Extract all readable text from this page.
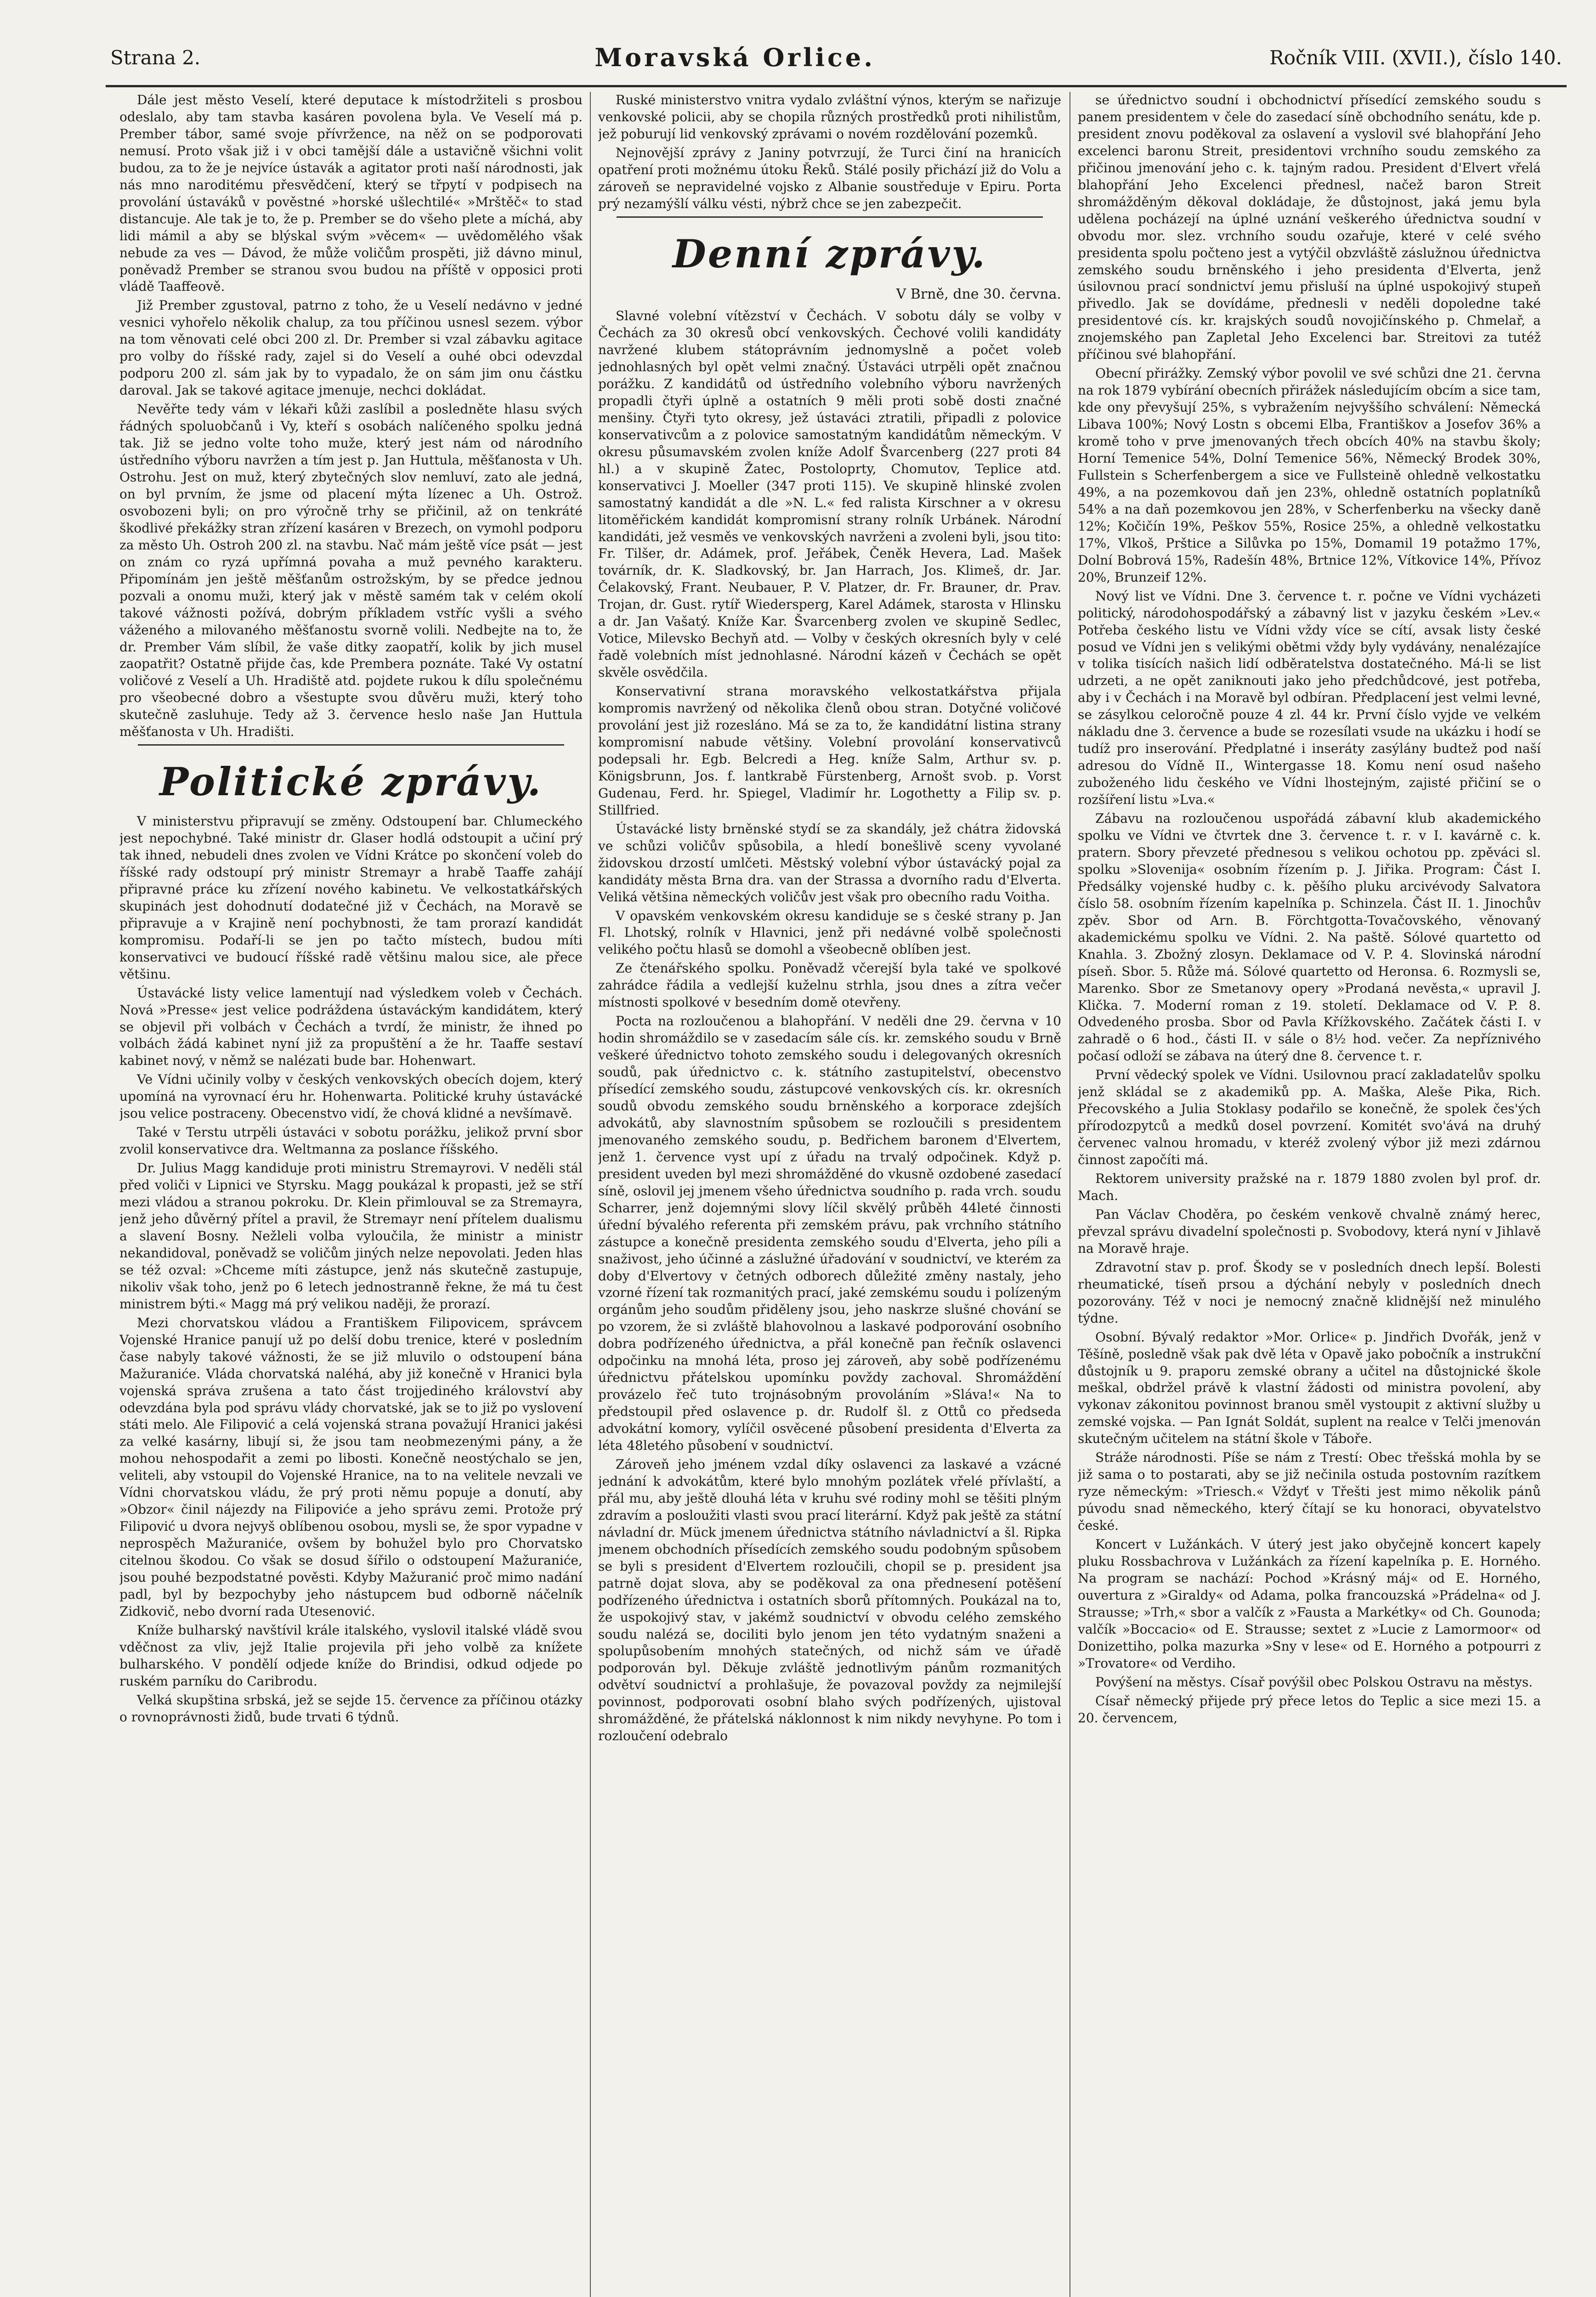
Strana 2.	Moravská Orlice.	Ročník VIII. (XVII.), číslo 140.

Dále jest město Veselí, které deputace k místodržiteli s prosbou odeslalo, aby tam stavba kasáren povolena byla. Ve Veselí má p. Prember tábor, samé svoje přívržence, na něž on se podporovati nemusí. Proto však již i v obci tamější dále a ustavičně všichni volit budou, za to že je nejvíce ústavák a agitator proti naší národnosti, jak nás mno naroditému přesvědčení, který se třpytí v podpisech na provolání ústaváků v pověstné »horské ušlechtilé« »Mrštěč« to stad distancuje. Ale tak je to, že p. Prember se do všeho plete a míchá, aby lidi mámil a aby se blýskal svým »věcem« — uvědomělého však nebude za ves — Dávod, že může voličům prospěti, již dávno minul, poněvadž Prember se stranou svou budou na příště v opposici proti vládě Taaffeově.

Již Prember zgustoval, patrno z toho, že u Veselí nedávno v jedné vesnici vyhořelo několik chalup, za tou příčinou usnesl sezem. výbor na tom věnovati celé obci 200 zl. Dr. Prember si vzal zábavku agitace pro volby do říšské rady, zajel si do Veselí a ouhé obci odevzdal podporu 200 zl. sám jak by to vypadalo, že on sám jim onu částku daroval. Jak se takové agitace jmenuje, nechci dokládat.

Nevěřte tedy vám v lékaři kůži zaslíbil a posledněte hlasu svých řádných spoluobčanů i Vy, kteří s osobách nalíčeného spolku jedná tak. Již se jedno volte toho muže, který jest nám od národního ústředního výboru navržen a tím jest p. Jan Huttula, měšťanosta v Uh. Ostrohu. Jest on muž, který zbytečných slov nemluví, zato ale jedná, on byl prvním, že jsme od placení mýta lízenec a Uh. Ostrož. osvobozeni byli; on pro výročně trhy se přičinil, až on tenkráté škodlivé překážky stran zřízení kasáren v Brezech, on vymohl podporu za město Uh. Ostroh 200 zl. na stavbu. Nač mám ještě více psát — jest on znám co ryzá upřímná povaha a muž pevného karakteru. Připomínám jen ještě měšťanům ostrožským, by se předce jednou pozvali a onomu muži, který jak v městě samém tak v celém okolí takové vážnosti požívá, dobrým příkladem vstříc vyšli a svého váženého a milovaného měšťanostu svorně volili. Nedbejte na to, že dr. Prember Vám slíbil, že vaše ditky zaopatří, kolik by jich musel zaopatřit? Ostatně přijde čas, kde Prembera poznáte. Také Vy ostatní voličové z Veselí a Uh. Hradiště atd. pojdete rukou k dílu společnému pro všeobecné dobro a všestupte svou důvěru muži, který toho skutečně zasluhuje. Tedy až 3. července heslo naše Jan Huttula měšťanosta v Uh. Hradišti.

Politické zprávy.

V ministerstvu připravují se změny. Odstoupení bar. Chlumeckého jest nepochybné. Také ministr dr. Glaser hodlá odstoupit a učiní prý tak ihned, nebudeli dnes zvolen ve Vídni Krátce po skončení voleb do říšské rady odstoupí prý ministr Stremayr a hrabě Taaffe zahájí připravné práce ku zřízení nového kabinetu. Ve velkostatkářských skupinách jest dohodnutí dodatečné již v Čechách, na Moravě se připravuje a v Krajině není pochybnosti, že tam prorazí kandidát kompromisu. Podaří-li se jen po tačto místech, budou míti konservativci ve budoucí říšské radě většinu malou sice, ale přece většinu.

Ústavácké listy velice lamentují nad výsledkem voleb v Čechách. Nová »Presse« jest velice podráždena ústaváckým kandidátem, který se objevil při volbách v Čechách a tvrdí, že ministr, že ihned po volbách žádá kabinet nyní již za propuštění a že hr. Taaffe sestaví kabinet nový, v němž se nalézati bude bar. Hohenwart.

Ve Vídni učinily volby v českých venkovských obecích dojem, který upomíná na vyrovnací éru hr. Hohenwarta. Politické kruhy ústavácké jsou velice postraceny. Obecenstvo vidí, že chová klidné a nevšímavě.

Také v Terstu utrpěli ústaváci v sobotu porážku, jelikož první sbor zvolil konservativce dra. Weltmanna za poslance říšského.

Dr. Julius Magg kandiduje proti ministru Stremayrovi. V neděli stál před voliči v Lipnici ve Styrsku. Magg poukázal k propasti, jež se stří mezi vládou a stranou pokroku. Dr. Klein přimlouval se za Stremayra, jenž jeho důvěrný přítel a pravil, že Stremayr není přítelem dualismu a slavení Bosny. Nežleli volba vyloučila, že ministr a ministr nekandidoval, poněvadž se voličům jiných nelze nepovolati. Jeden hlas se též ozval: »Chceme míti zástupce, jenž nás skutečně zastupuje, nikoliv však toho, jenž po 6 letech jednostranně řekne, že má tu čest ministrem býti.« Magg má prý velikou naději, že prorazí.

Mezi chorvatskou vládou a Františkem Filipovicem, správcem Vojenské Hranice panují už po delší dobu trenice, které v posledním čase nabyly takové vážnosti, že se již mluvilo o odstoupení bána Mažuraniće. Vláda chorvatská naléhá, aby již konečně v Hranici byla vojenská správa zrušena a tato část trojjediného království aby odevzdána byla pod správu vlády chorvatské, jak se to již po vyslovení státi melo. Ale Filipović a celá vojenská strana považují Hranici jakési za velké kasárny, libují si, že jsou tam neobmezenými pány, a že mohou nehospodařit a zemi po libosti. Konečně neostýchalo se jen, veliteli, aby vstoupil do Vojenské Hranice, na to na velitele nevzali ve Vídni chorvatskou vládu, že prý proti němu popuje a donutí, aby »Obzor« činil nájezdy na Filipoviće a jeho správu zemi. Protože prý Filipović u dvora nejvyš oblíbenou osobou, mysli se, že spor vypadne v neprospěch Mažuraniće, ovšem by bohužel bylo pro Chorvatsko citelnou škodou. Co však se dosud šířilo o odstoupení Mažuraniće, jsou pouhé bezpodstatné pověsti. Kdyby Mažuranić proč mimo nadání padl, byl by bezpochyby jeho nástupcem bud odborně náčelník Zidkovič, nebo dvorní rada Utesenović.

Kníže bulharský navštívil krále italského, vyslovil italské vládě svou vděčnost za vliv, jejž Italie projevila při jeho volbě za knížete bulharského. V pondělí odjede kníže do Brindisi, odkud odjede po ruském parníku do Caribrodu.

Velká skupština srbská, jež se sejde 15. července za příčinou otázky o rovnoprávnosti židů, bude trvati 6 týdnů.

Ruské ministerstvo vnitra vydalo zvláštní výnos, kterým se nařizuje venkovské policii, aby se chopila různých prostředků proti nihilistům, jež poburují lid venkovský zprávami o novém rozdělování pozemků.

Nejnovější zprávy z Janiny potvrzují, že Turci činí na hranicích opatření proti možnému útoku Řeků. Stálé posily přichází již do Volu a zároveň se nepravidelné vojsko z Albanie soustředuje v Epiru. Porta prý nezamýšlí válku vésti, nýbrž chce se jen zabezpečit.

Denní zprávy.
V Brně, dne 30. června.

Slavné volební vítězství v Čechách. V sobotu dály se volby v Čechách za 30 okresů obcí venkovských. Čechové volili kandidáty navržené klubem státoprávním jednomyslně a počet voleb jednohlasných byl opět velmi značný. Ústaváci utrpěli opět značnou porážku. Z kandidátů od ústředního volebního výboru navržených propadli čtyři úplně a ostatních 9 měli proti sobě dosti značné menšiny. Čtyři tyto okresy, jež ústaváci ztratili, připadli z polovice konservativcům a z polovice samostatným kandidátům německým. V okresu půsumavském zvolen kníže Adolf Švarcenberg (227 proti 84 hl.) a v skupině Žatec, Postoloprty, Chomutov, Teplice atd. konservativci J. Moeller (347 proti 115). Ve skupině hlinské zvolen samostatný kandidát a dle »N. L.« fed ralista Kirschner a v okresu litoměřickém kandidát kompromisní strany rolník Urbánek. Národní kandidáti, jež vesměs ve venkovských navrženi a zvoleni byli, jsou tito: Fr. Tilšer, dr. Adámek, prof. Jeřábek, Čeněk Hevera, Lad. Mašek továrník, dr. K. Sladkovský, br. Jan Harrach, Jos. Klimeš, dr. Jar. Čelakovský, Frant. Neubauer, P. V. Platzer, dr. Fr. Brauner, dr. Prav. Trojan, dr. Gust. rytíř Wiedersperg, Karel Adámek, starosta v Hlinsku a dr. Jan Vašatý. Kníže Kar. Švarcenberg zvolen ve skupině Sedlec, Votice, Milevsko Bechyň atd. — Volby v českých okresních byly v celé řadě volebních míst jednohlasné. Národní kázeň v Čechách se opět skvěle osvědčila.

Konservativní strana moravského velkostatkářstva přijala kompromis navržený od několika členů obou stran. Dotyčné voličové provolání jest již rozesláno. Má se za to, že kandidátní listina strany kompromisní nabude většiny. Volební provolání konservativců podepsali hr. Egb. Belcredi a Heg. kníže Salm, Arthur sv. p. Königsbrunn, Jos. f. lantkrabě Fürstenberg, Arnošt svob. p. Vorst Gudenau, Ferd. hr. Spiegel, Vladimír hr. Logothetty a Filip sv. p. Stillfried.

Ústavácké listy brněnské stydí se za skandály, jež chátra židovská ve schůzi voličův spůsobila, a hledí bonešlivě sceny vyvolané židovskou drzostí umlčeti. Městský volební výbor ústavácký pojal za kandidáty města Brna dra. van der Strassa a dvorního radu d'Elverta. Veliká většina německých voličův jest však pro obecního radu Voitha.

V opavském venkovském okresu kandiduje se s české strany p. Jan Fl. Lhotský, rolník v Hlavnici, jenž při nedávné volbě společnosti velikého počtu hlasů se domohl a všeobecně oblíben jest.

Ze čtenářského spolku. Poněvadž včerejší byla také ve spolkové zahrádce řádila a vedlejší kuželnu strhla, jsou dnes a zítra večer místnosti spolkové v besedním domě otevřeny.

Pocta na rozloučenou a blahopřání. V neděli dne 29. června v 10 hodin shromáždilo se v zasedacím sále cís. kr. zemského soudu v Brně veškeré úřednictvo tohoto zemského soudu i delegovaných okresních soudů, pak úřednictvo c. k. státního zastupitelství, obecenstvo přísedící zemského soudu, zástupcové venkovských cís. kr. okresních soudů obvodu zemského soudu brněnského a korporace zdejších advokátů, aby slavnostním spůsobem se rozloučili s presidentem jmenovaného zemského soudu, p. Bedřichem baronem d'Elvertem, jenž 1. července vyst upí z úřadu na trvalý odpočinek. Když p. president uveden byl mezi shromážděné do vkusně ozdobené zasedací síně, oslovil jej jmenem všeho úřednictva soudního p. rada vrch. soudu Scharrer, jenž dojemnými slovy líčil skvělý průběh 44leté činnosti úřední bývalého referenta při zemském právu, pak vrchního státního zástupce a konečně presidenta zemského soudu d'Elverta, jeho píli a snaživost, jeho účinné a záslužné úřadování v soudnictví, ve kterém za doby d'Elvertovy v četných odborech důležité změny nastaly, jeho vzorné řízení tak rozmanitých prací, jaké zemskému soudu i polízeným orgánům jeho soudům přiděleny jsou, jeho naskrze slušné chování se po vzorem, že si zvláště blahovolnou a laskavé podporování osobního dobra podřízeného úřednictva, a přál konečně pan řečník oslavenci odpočinku na mnohá léta, proso jej zároveň, aby sobě podřízenému úřednictvu přátelskou upomínku povždy zachoval. Shromáždění provázelo řeč tuto trojnásobným provoláním »Sláva!« Na to předstoupil před oslavence p. dr. Rudolf šl. z Ottů co předseda advokátní komory, vylíčil osvěcené působení presidenta d'Elverta za léta 48letého působení v soudnictví.

Zároveň jeho jménem vzdal díky oslavenci za laskavé a vzácné jednání k advokátům, které bylo mnohým pozlátek vřelé přívlaští, a přál mu, aby ještě dlouhá léta v kruhu své rodiny mohl se těšiti plným zdravím a posloužiti vlasti svou prací literární. Když pak ještě za státní návladní dr. Mück jmenem úřednictva státního návladnictví a šl. Ripka jmenem obchodních přísedících zemského soudu podobným spůsobem se byli s president d'Elvertem rozloučili, chopil se p. president jsa patrně dojat slova, aby se poděkoval za ona přednesení potěšení podřízeného úřednictva i ostatních sborů přítomných. Poukázal na to, že uspokojivý stav, v jakémž soudnictví v obvodu celého zemského soudu nalézá se, dociliti bylo jenom jen této vydatným snaženi a spolupůsobením mnohých statečných, od nichž sám ve úřadě podporován byl. Děkuje zvláště jednotlivým pánům rozmanitých odvětví soudnictví a prohlašuje, že povazoval povždy za nejmilejší povinnost, podporovati osobní blaho svých podřízených, ujistoval shromážděné, že přátelská náklonnost k nim nikdy nevyhyne. Po tom i rozloučení odebralo

se úřednictvo soudní i obchodnictví přísedící zemského soudu s panem presidentem v čele do zasedací síně obchodního senátu, kde p. president znovu poděkoval za oslavení a vyslovil své blahopřání Jeho excelenci baronu Streit, presidentovi vrchního soudu zemského za přičinou jmenování jeho c. k. tajným radou. President d'Elvert vřelá blahopřání Jeho Excelenci přednesl, načež baron Streit shromážděným děkoval dokládaje, že důstojnost, jaká jemu byla udělena pocházejí na úplné uznání veškerého úřednictva soudní v obvodu mor. slez. vrchního soudu ozařuje, které v celé svého presidenta spolu počteno jest a vytýčil obzvláště záslužnou úřednictva zemského soudu brněnského i jeho presidenta d'Elverta, jenž úsilovnou prací sondnictví jemu přisluší na úplné uspokojivý stupeň přivedlo. Jak se dovídáme, přednesli v neděli dopoledne také presidentové cís. kr. krajských soudů novojičínského p. Chmelař, a znojemského pan Zapletal Jeho Excelenci bar. Streitovi za tutéž příčinou své blahopřání.

Obecní přirážky. Zemský výbor povolil ve své schůzi dne 21. června na rok 1879 vybírání obecních přirážek následujícím obcím a sice tam, kde ony převyšují 25%, s vybražením nejvyššího schválení: Německá Libava 100%; Nový Lostn s obcemi Elba, Františkov a Josefov 36% a kromě toho v prve jmenovaných třech obcích 40% na stavbu školy; Horní Temenice 54%, Dolní Temenice 56%, Německý Brodek 30%, Fullstein s Scherfenbergem a sice ve Fullsteině ohledně velkostatku 49%, a na pozemkovou daň jen 23%, ohledně ostatních poplatníků 54% a na daň pozemkovou jen 28%, v Scherfenberku na všecky daně 12%; Kočičín 19%, Peškov 55%, Rosice 25%, a ohledně velkostatku 17%, Vlkoš, Prštice a Silůvka po 15%, Domamil 19 potažmo 17%, Dolní Bobrová 15%, Radešín 48%, Brtnice 12%, Vítkovice 14%, Přívoz 20%, Brunzeif 12%.

Nový list ve Vídni. Dne 3. července t. r. počne ve Vídni vycházeti politický, národohospodářský a zábavný list v jazyku českém »Lev.« Potřeba českého listu ve Vídni vždy více se cítí, avsak listy české posud ve Vídni jen s velikými obětmi vždy byly vydávány, nenalézajíce v tolika tisících našich lidí odběratelstva dostatečného. Má-li se list udrzeti, a ne opět zaniknouti jako jeho předchůdcové, jest potřeba, aby i v Čechách i na Moravě byl odbíran. Předplacení jest velmi levné, se zásylkou celoročně pouze 4 zl. 44 kr. První číslo vyjde ve velkém nákladu dne 3. července a bude se rozesílati vsude na ukázku i hodí se tudíž pro inserování. Předplatné i inseráty zasýlány budtež pod naší adresou do Vídně II., Wintergasse 18. Komu není osud našeho zuboženého lidu českého ve Vídni lhostejným, zajisté přičiní se o rozšíření listu »Lva.«

Zábavu na rozloučenou uspořádá zábavní klub akademického spolku ve Vídni ve čtvrtek dne 3. července t. r. v I. kavárně c. k. pratern. Sbory převzeté přednesou s velikou ochotou pp. zpěváci sl. spolku »Slovenija« osobním řízením p. J. Jiřika. Program: Část I. Předsálky vojenské hudby c. k. pěšího pluku arcivévody Salvatora číslo 58. osobním řízením kapelníka p. Schinzela. Část II. 1. Jinochův zpěv. Sbor od Arn. B. Förchtgotta-Tovačovského, věnovaný akademickému spolku ve Vídni. 2. Na paště. Sólové quartetto od Knahla. 3. Zbožný zlosyn. Deklamace od V. P. 4. Slovinská národní píseň. Sbor. 5. Růže má. Sólové quartetto od Heronsa. 6. Rozmysli se, Marenko. Sbor ze Smetanovy opery »Prodaná nevěsta,« upravil J. Klička. 7. Moderní roman z 19. století. Deklamace od V. P. 8. Odvedeného prosba. Sbor od Pavla Křížkovského. Začátek části I. v zahradě o 6 hod., části II. v sále o 8½ hod. večer. Za nepříznivého počasí odloží se zábava na úterý dne 8. července t. r.

První vědecký spolek ve Vídni. Usilovnou prací zakladatelův spolku jenž skládal se z akademiků pp. A. Maška, Aleše Pika, Rich. Přecovského a Julia Stoklasy podařilo se konečně, že spolek čes'ých přírodozpytců a medků dosel povrzení. Komitét svo'ává na druhý červenec valnou hromadu, v kteréž zvolený výbor již mezi zdárnou činnost započíti má.

Rektorem university pražské na r. 1879 1880 zvolen byl prof. dr. Mach.

Pan Václav Choděra, po českém venkově chvalně známý herec, převzal správu divadelní společnosti p. Svobodovy, která nyní v Jihlavě na Moravě hraje.

Zdravotní stav p. prof. Škody se v posledních dnech lepší. Bolesti rheumatické, tíseň prsou a dýchání nebyly v posledních dnech pozorovány. Též v noci je nemocný značně klidnější než minulého týdne.

Osobní. Bývalý redaktor »Mor. Orlice« p. Jindřich Dvořák, jenž v Těšíně, posledně však pak dvě léta v Opavě jako pobočník a instrukční důstojník u 9. praporu zemské obrany a učitel na důstojnické škole meškal, obdržel právě k vlastní žádosti od ministra povolení, aby vykonav zákonitou povinnost branou směl vystoupit z aktivní služby u zemské vojska. — Pan Ignát Soldát, suplent na realce v Telči jmenován skutečným učitelem na státní škole v Táboře.

Stráže národnosti. Píše se nám z Trestí: Obec třešská mohla by se již sama o to postarati, aby se již nečinila ostuda postovním razítkem ryze německým: »Triesch.« Vždyť v Třešti jest mimo několik pánů púvodu snad německého, který čítají se ku honoraci, obyvatelstvo české.

Koncert v Lužánkách. V úterý jest jako obyčejně koncert kapely pluku Rossbachrova v Lužánkách za řízení kapelníka p. E. Horného. Na program se nachází: Pochod »Krásný máj« od E. Horného, ouvertura z »Giraldy« od Adama, polka francouzská »Prádelna« od J. Strausse; »Trh,« sbor a valčík z »Fausta a Markétky« od Ch. Gounoda; valčík »Boccacio« od E. Strausse; sextet z »Lucie z Lamormoor« od Donizettiho, polka mazurka »Sny v lese« od E. Horného a potpourri z »Trovatore« od Verdiho.

Povýšení na městys. Císař povýšil obec Polskou Ostravu na městys.

Císař německý přijede prý přece letos do Teplic a sice mezi 15. a 20. červencem,
